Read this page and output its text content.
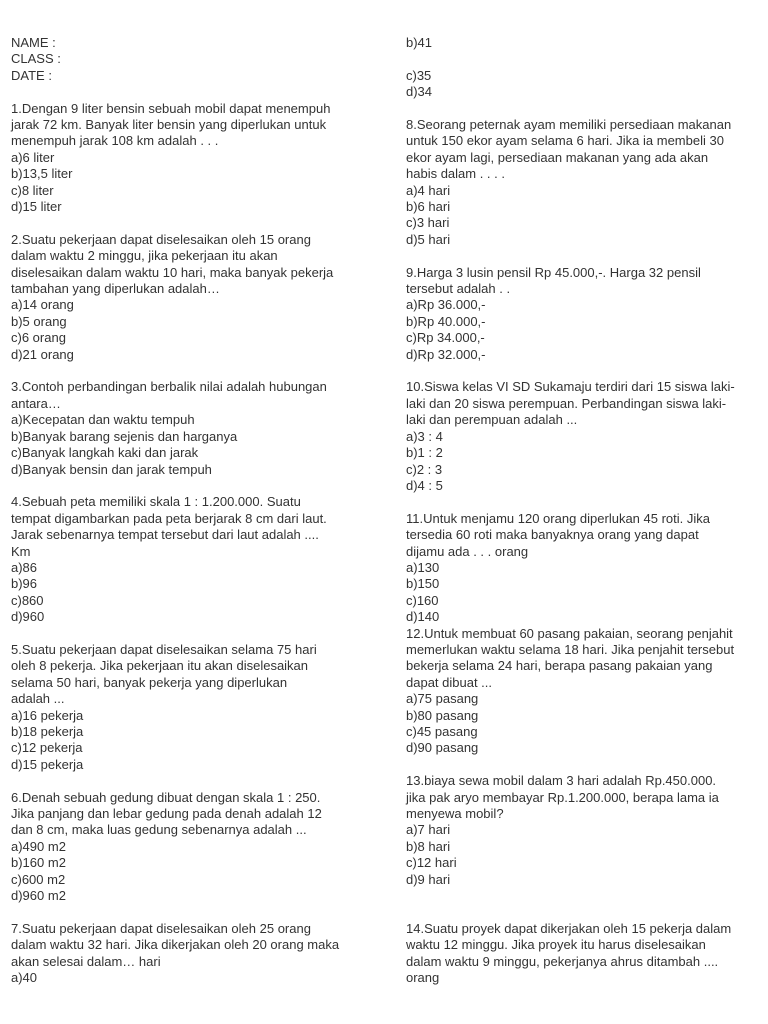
NAME :
CLASS :
DATE :
1.Dengan 9 liter bensin sebuah mobil dapat menempuh
jarak 72 km. Banyak liter bensin yang diperlukan untuk
menempuh jarak 108 km adalah . . .
a)6 liter
b)13,5 liter
c)8 liter
d)15 liter
2.Suatu pekerjaan dapat diselesaikan oleh 15 orang
dalam waktu 2 minggu, jika pekerjaan itu akan
diselesaikan dalam waktu 10 hari, maka banyak pekerja
tambahan yang diperlukan adalah…
a)14 orang
b)5 orang
c)6 orang
d)21 orang
3.Contoh perbandingan berbalik nilai adalah hubungan
antara…
a)Kecepatan dan waktu tempuh
b)Banyak barang sejenis dan harganya
c)Banyak langkah kaki dan jarak
d)Banyak bensin dan jarak tempuh
4.Sebuah peta memiliki skala 1 : 1.200.000. Suatu
tempat digambarkan pada peta berjarak 8 cm dari laut.
Jarak sebenarnya tempat tersebut dari laut adalah ....
Km
a)86
b)96
c)860
d)960
5.Suatu pekerjaan dapat diselesaikan selama 75 hari
oleh 8 pekerja. Jika pekerjaan itu akan diselesaikan
selama 50 hari, banyak pekerja yang diperlukan
adalah ...
a)16 pekerja
b)18 pekerja
c)12 pekerja
d)15 pekerja
6.Denah sebuah gedung dibuat dengan skala 1 : 250.
Jika panjang dan lebar gedung pada denah adalah 12
dan 8 cm, maka luas gedung sebenarnya adalah ...
a)490 m2
b)160 m2
c)600 m2
d)960 m2
7.Suatu pekerjaan dapat diselesaikan oleh 25 orang
dalam waktu 32 hari. Jika dikerjakan oleh 20 orang maka
akan selesai dalam… hari
a)40
b)41

c)35
d)34
8.Seorang peternak ayam memiliki persediaan makanan
untuk 150 ekor ayam selama 6 hari. Jika ia membeli 30
ekor ayam lagi, persediaan makanan yang ada akan
habis dalam . . . .
a)4 hari
b)6 hari
c)3 hari
d)5 hari
9.Harga 3 lusin pensil Rp 45.000,-. Harga 32 pensil
tersebut adalah . .
a)Rp 36.000,-
b)Rp 40.000,-
c)Rp 34.000,-
d)Rp 32.000,-
10.Siswa kelas VI SD Sukamaju terdiri dari 15 siswa laki-
laki dan 20 siswa perempuan. Perbandingan siswa laki-
laki dan perempuan adalah ...
a)3 : 4
b)1 : 2
c)2 : 3
d)4 : 5
11.Untuk menjamu 120 orang diperlukan 45 roti. Jika
tersedia 60 roti maka banyaknya orang yang dapat
dijamu ada . . . orang
a)130
b)150
c)160
d)140
12.Untuk membuat 60 pasang pakaian, seorang penjahit
memerlukan waktu selama 18 hari. Jika penjahit tersebut
bekerja selama 24 hari, berapa pasang pakaian yang
dapat dibuat ...
a)75 pasang
b)80 pasang
c)45 pasang
d)90 pasang
13.biaya sewa mobil dalam 3 hari adalah Rp.450.000.
jika pak aryo membayar Rp.1.200.000, berapa lama ia
menyewa mobil?
a)7 hari
b)8 hari
c)12 hari
d)9 hari
14.Suatu proyek dapat dikerjakan oleh 15 pekerja dalam
waktu 12 minggu. Jika proyek itu harus diselesaikan
dalam waktu 9 minggu, pekerjanya ahrus ditambah ....
orang
